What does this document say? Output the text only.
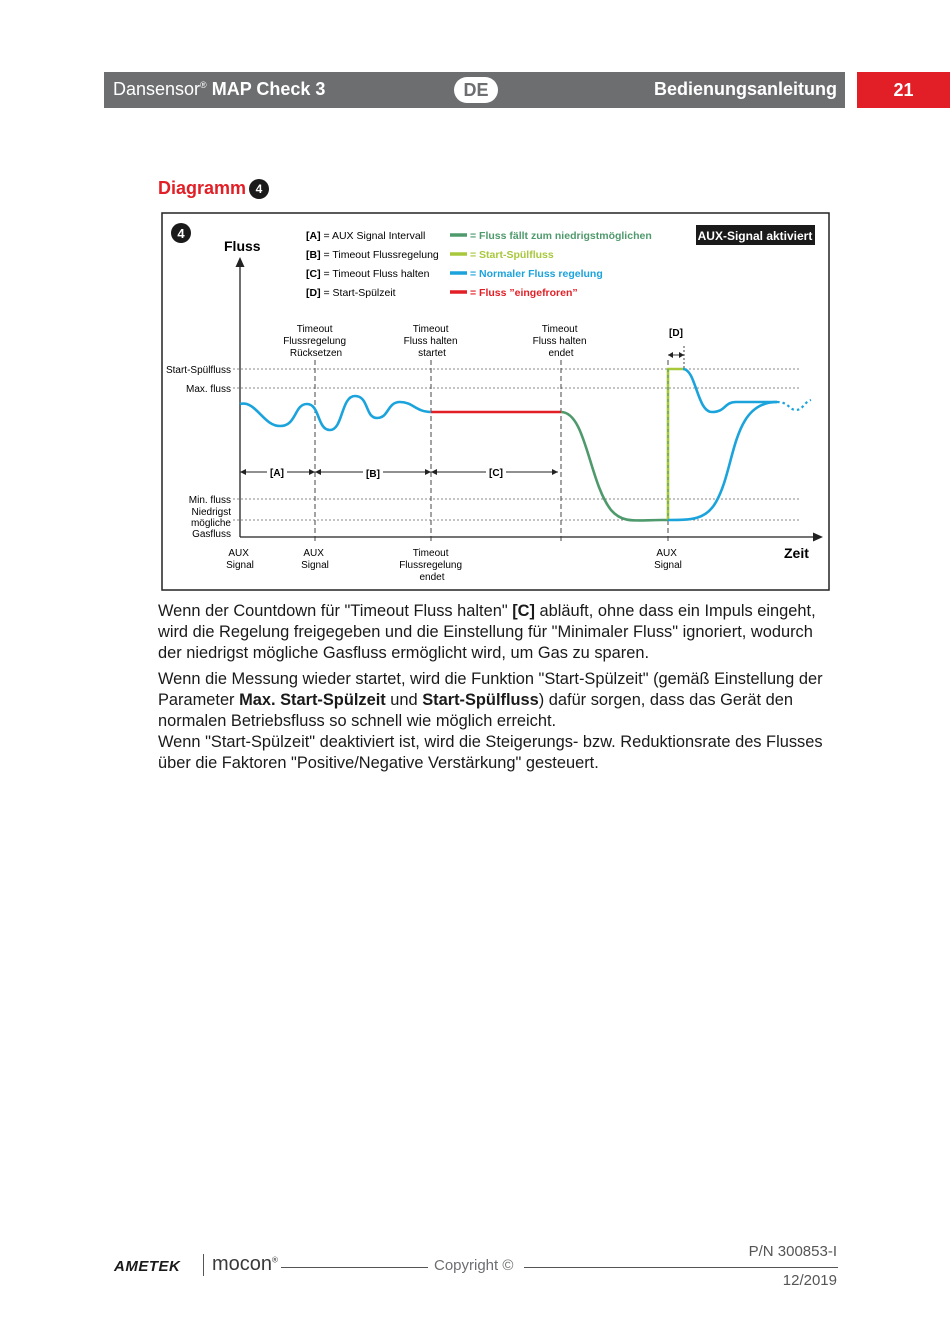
Dansensor® MAP Check 3	DE	Bedienungsanleitung	21
Diagramm 4
4	AUX-Signal aktiviert
[A] = AUX Signal Intervall
[B] = Timeout Flussregelung
[C] = Timeout Fluss halten
[D] = Start-Spülzeit
= Fluss fällt zum niedrigstmöglichen
= Start-Spülfluss
= Normaler Fluss regelung
= Fluss ”eingefroren”
Fluss
Zeit
Start-Spülfluss
Max. fluss
Min. fluss
Niedrigst
mögliche
Gasfluss
Timeout Flussregelung Rücksetzen
Timeout Fluss halten startet
Timeout Fluss halten endet
[D]
[A]	[B]	[C]
AUX Signal
AUX Signal
Timeout Flussregelung endet
AUX Signal

Wenn der Countdown für "Timeout Fluss halten" [C] abläuft, ohne dass ein Impuls eingeht, wird die Regelung freigegeben und die Einstellung für "Minimaler Fluss" ignoriert, wodurch der niedrigst mögliche Gasfluss ermöglicht wird, um Gas zu sparen.

Wenn die Messung wieder startet, wird die Funktion "Start-Spülzeit" (gemäß Einstellung der Parameter Max. Start-Spülzeit und Start-Spülfluss) dafür sorgen, dass das Gerät den normalen Betriebsfluss so schnell wie möglich erreicht.
Wenn "Start-Spülzeit" deaktiviert ist, wird die Steigerungs- bzw. Reduktionsrate des Flusses über die Faktoren "Positive/Negative Verstärkung" gesteuert.

AMETEK mocon®	Copyright ©
P/N 300853-I
12/2019
